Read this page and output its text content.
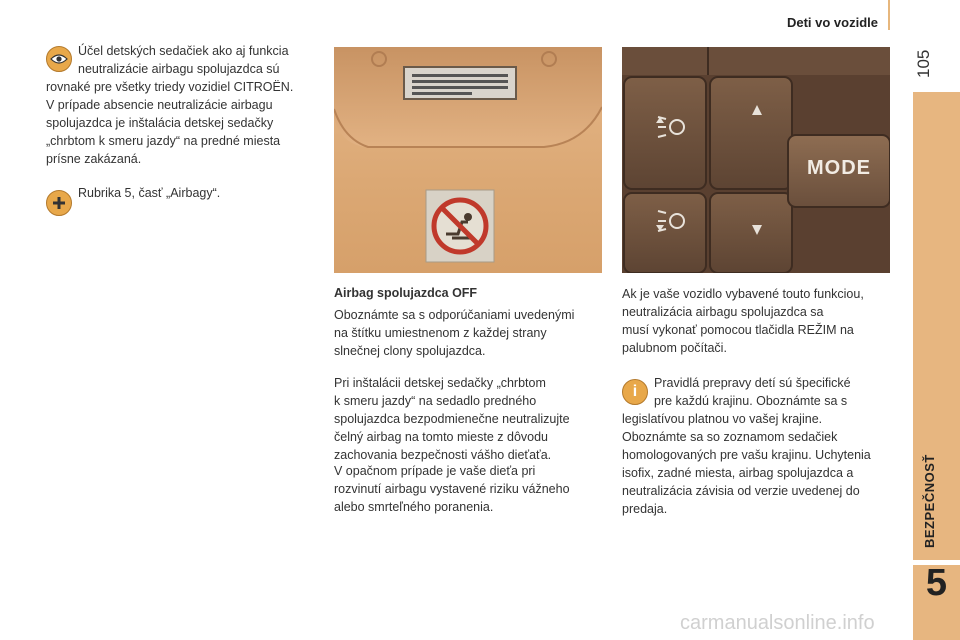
Deti vo vozidle
105
BEZPEČNOSŤ
5
Účel detských sedačiek ako aj funkcia
neutralizácie airbagu spolujazdca sú
rovnaké pre všetky triedy vozidiel CITROËN.
V prípade absencie neutralizácie airbagu
spolujazdca je inštalácia detskej sedačky
„chrbtom k smeru jazdy“ na predné miesta
prísne zakázaná.
Rubrika 5, časť „Airbagy“.
Airbag spolujazdca OFF
Oboznámte sa s odporúčaniami uvedenými
na štítku umiestnenom z každej strany
slnečnej clony spolujazdca.
Pri inštalácii detskej sedačky „chrbtom
k smeru jazdy“ na sedadlo predného
spolujazdca bezpodmienečne neutralizujte
čelný airbag na tomto mieste z dôvodu
zachovania bezpečnosti vášho dieťaťa.
V opačnom prípade je vaše dieťa pri
rozvinutí airbagu vystavené riziku vážneho
alebo smrteľného poranenia.
MODE
Ak je vaše vozidlo vybavené touto funkciou,
neutralizácia airbagu spolujazdca sa
musí vykonať pomocou tlačidla REŽIM na
palubnom počítači.
i	Pravidlá prepravy detí sú špecifické
pre každú krajinu. Oboznámte sa s
legislatívou platnou vo vašej krajine.
Oboznámte sa so zoznamom sedačiek
homologovaných pre vašu krajinu. Uchytenia
isofix, zadné miesta, airbag spolujazdca a
neutralizácia závisia od verzie uvedenej do
predaja.
carmanualsonline.info
